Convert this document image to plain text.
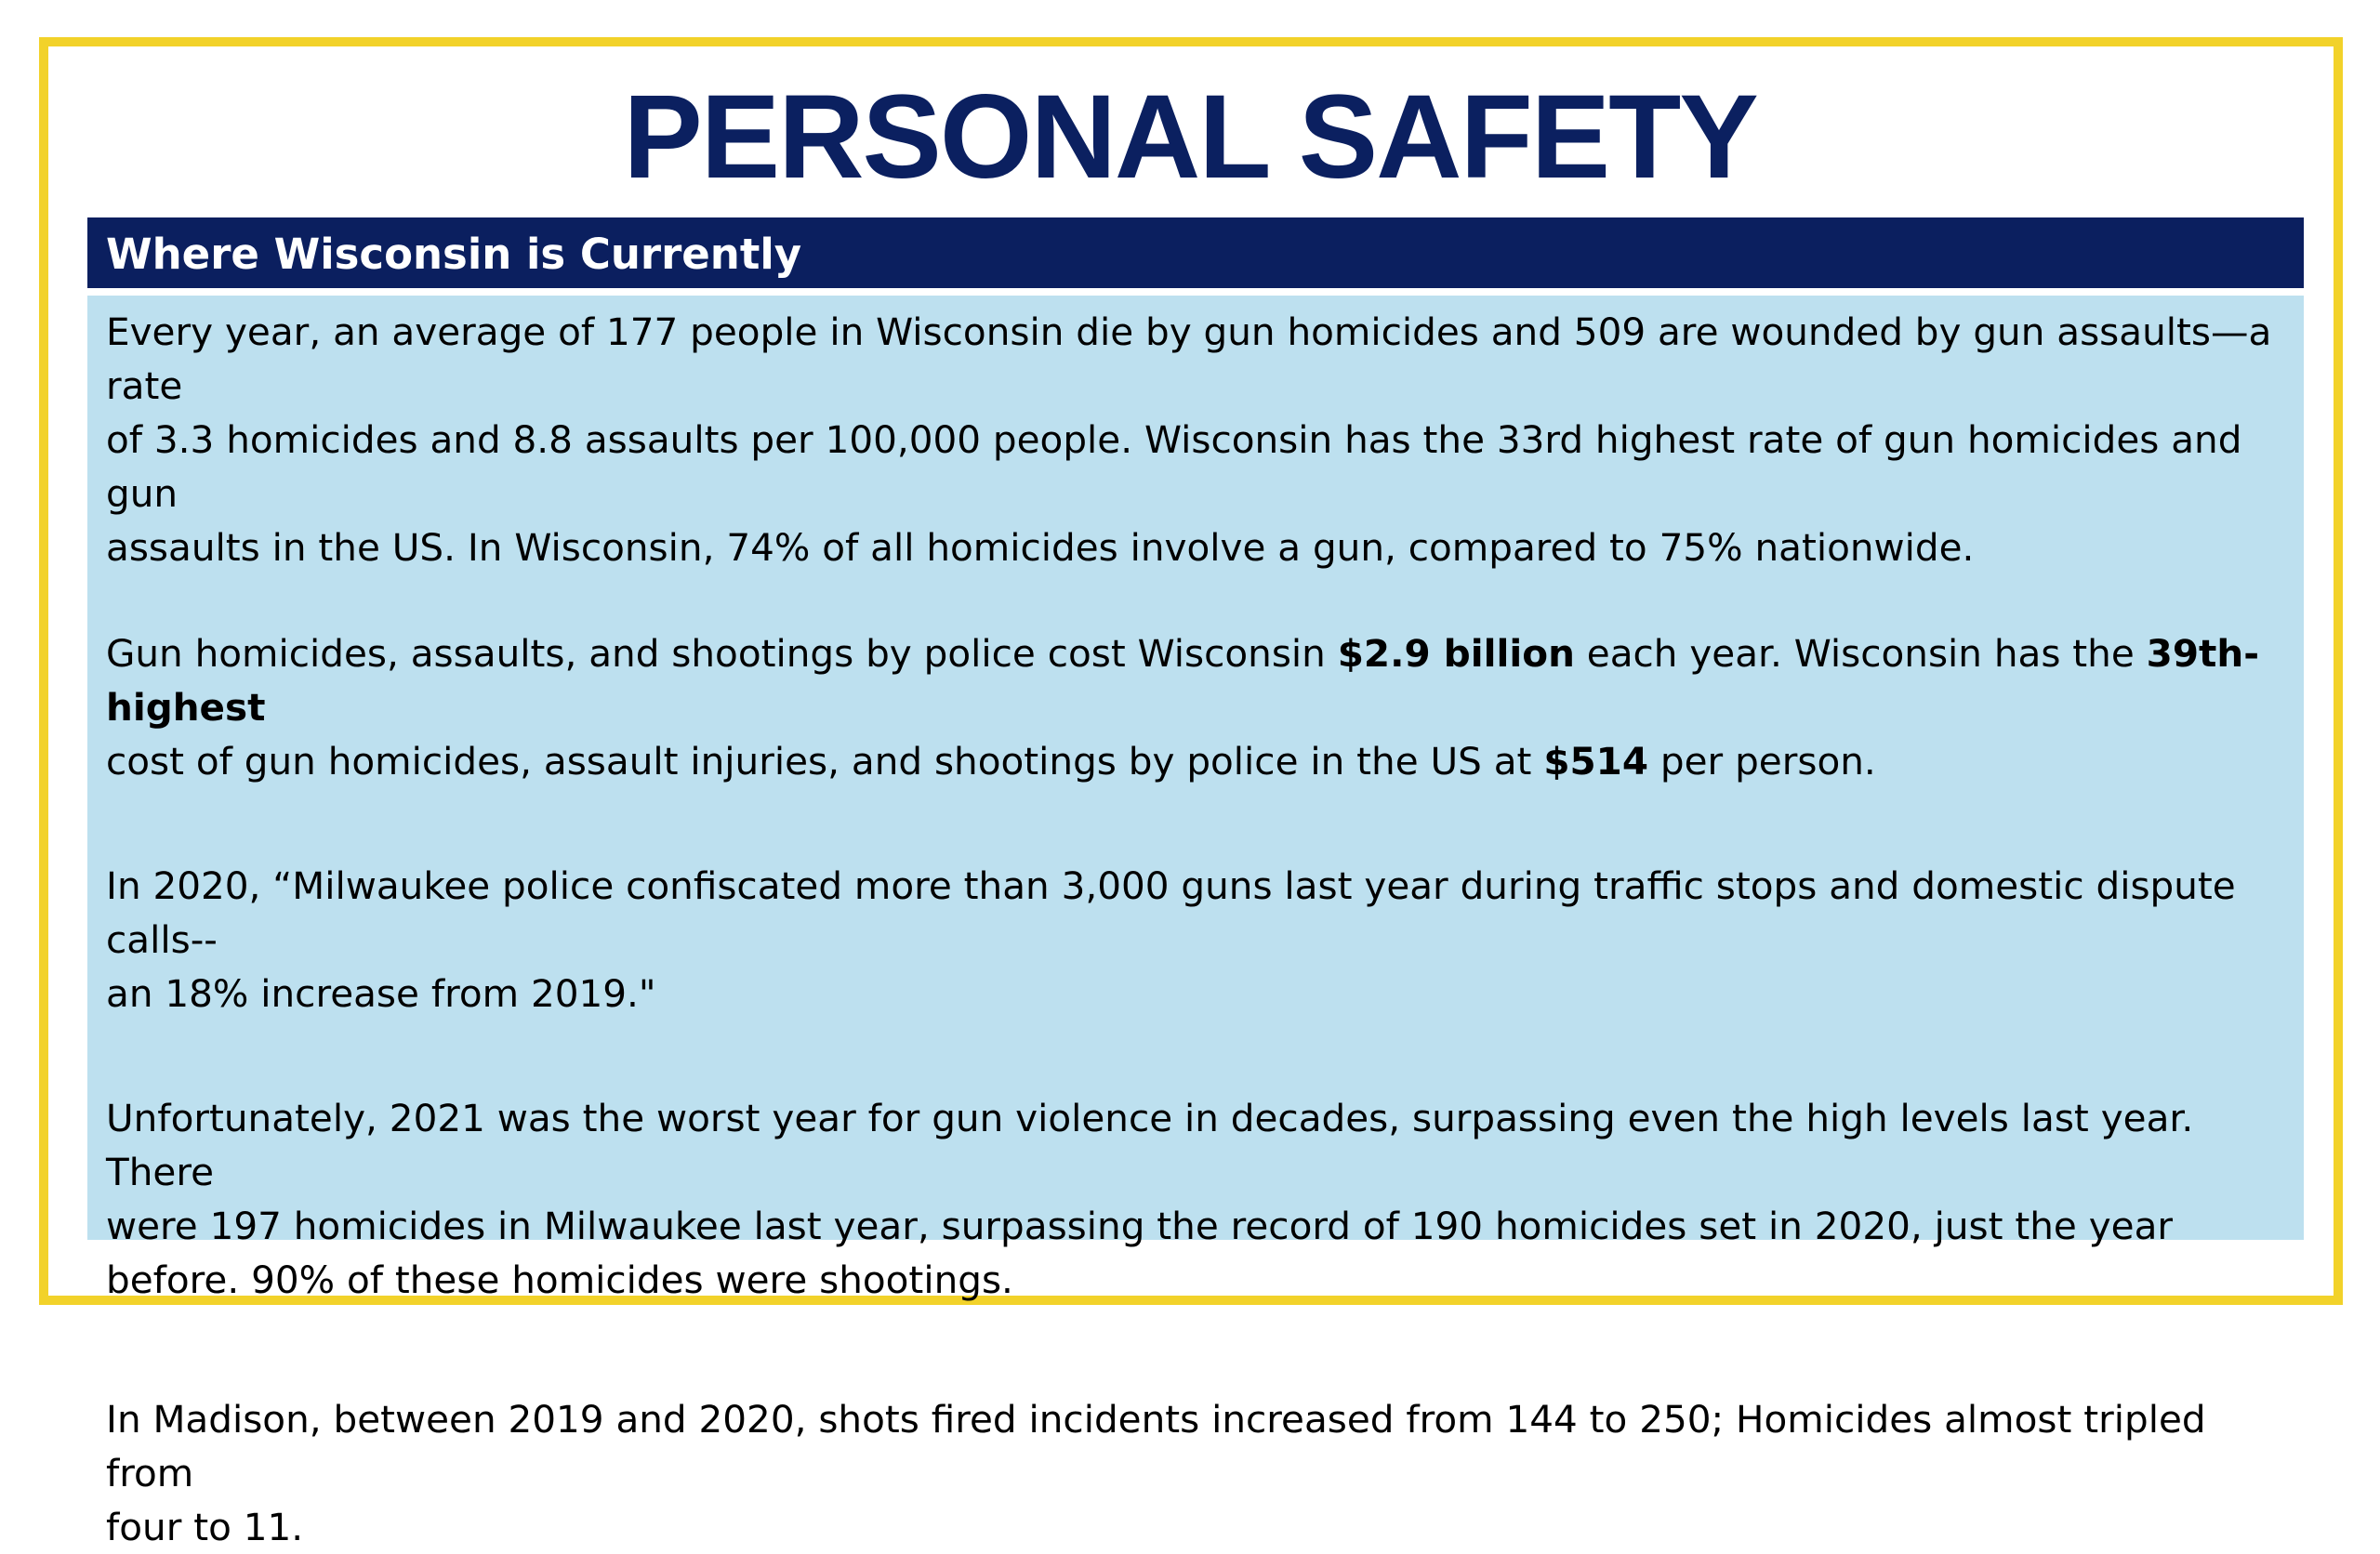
PERSONAL SAFETY
Where Wisconsin is Currently

Every year, an average of 177 people in Wisconsin die by gun homicides and 509 are wounded by gun assaults—a rate
of 3.3 homicides and 8.8 assaults per 100,000 people. Wisconsin has the 33rd highest rate of gun homicides and gun
assaults in the US. In Wisconsin, 74% of all homicides involve a gun, compared to 75% nationwide.

Gun homicides, assaults, and shootings by police cost Wisconsin $2.9 billion each year. Wisconsin has the 39th-highest
cost of gun homicides, assault injuries, and shootings by police in the US at $514 per person.

In 2020, “Milwaukee police confiscated more than 3,000 guns last year during traffic stops and domestic dispute calls--
an 18% increase from 2019."

Unfortunately, 2021 was the worst year for gun violence in decades, surpassing even the high levels last year. There
were 197 homicides in Milwaukee last year, surpassing the record of 190 homicides set in 2020, just the year
before. 90% of these homicides were shootings.

In Madison, between 2019 and 2020, shots fired incidents increased from 144 to 250; Homicides almost tripled from
four to 11.
